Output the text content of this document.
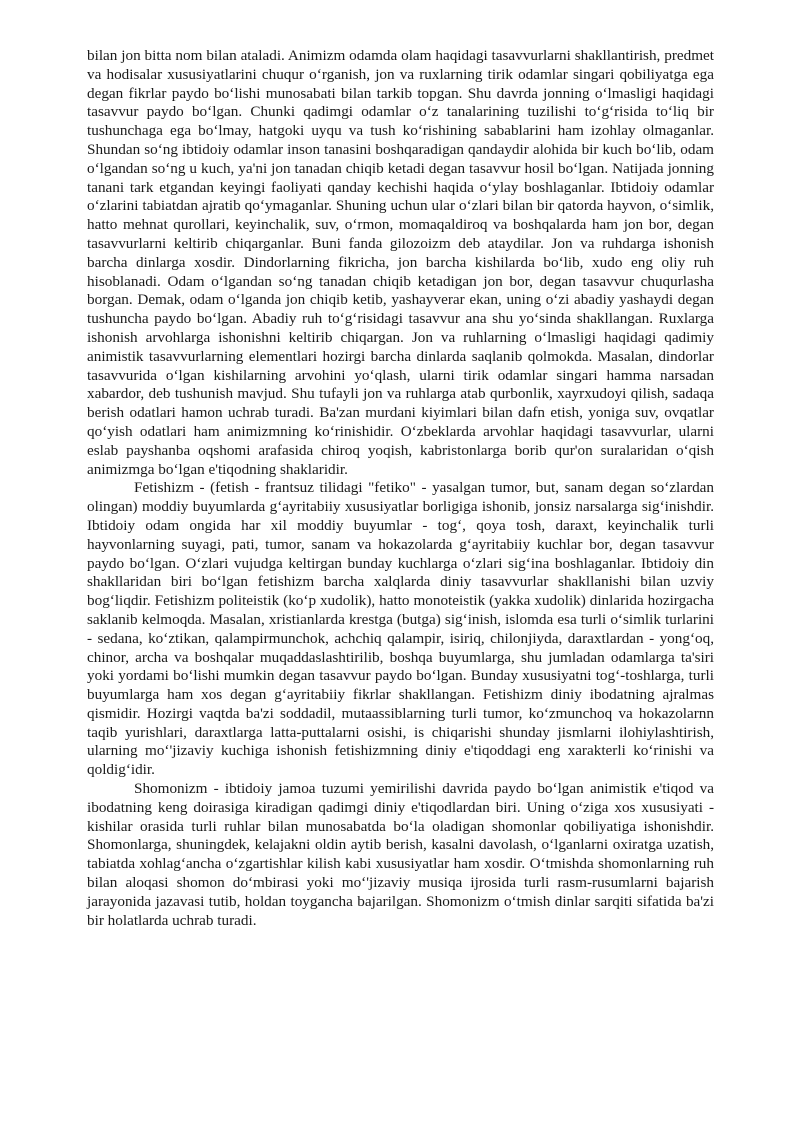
bilan jon bitta nom bilan ataladi. Animizm odamda olam haqidagi tasavvurlarni shakllantirish, predmet va hodisalar xususiyatlarini chuqur o‘rganish, jon va ruxlarning tirik odamlar singari qobiliyatga ega degan fikrlar paydo bo‘lishi munosabati bilan tarkib topgan. Shu davrda jonning o‘lmasligi haqidagi tasavvur paydo bo‘lgan. Chunki qadimgi odamlar o‘z tanalarining tuzilishi to‘g‘risida to‘liq bir tushunchaga ega bo‘lmay, hatgoki uyqu va tush ko‘rishining sabablarini ham izohlay olmaganlar. Shundan so‘ng ibtidoiy odamlar inson tanasini boshqaradigan qandaydir alohida bir kuch bo‘lib, odam o‘lgandan so‘ng u kuch, ya'ni jon tanadan chiqib ketadi degan tasavvur hosil bo‘lgan. Natijada jonning tanani tark etgandan keyingi faoliyati qanday kechishi haqida o‘ylay boshlaganlar. Ibtidoiy odamlar o‘zlarini tabiatdan ajratib qo‘ymaganlar. Shuning uchun ular o‘zlari bilan bir qatorda hayvon, o‘simlik, hatto mehnat qurollari, keyinchalik, suv, o‘rmon, momaqaldiroq va boshqalarda ham jon bor, degan tasavvurlarni keltirib chiqarganlar. Buni fanda gilozoizm deb ataydilar. Jon va ruhdarga ishonish barcha dinlarga xosdir. Dindorlarning fikricha, jon barcha kishilarda bo‘lib, xudo eng oliy ruh hisoblanadi. Odam o‘lgandan so‘ng tanadan chiqib ketadigan jon bor, degan tasavvur chuqurlasha borgan. Demak, odam o‘lganda jon chiqib ketib, yashayverar ekan, uning o‘zi abadiy yashaydi degan tushuncha paydo bo‘lgan. Abadiy ruh to‘g‘risidagi tasavvur ana shu yo‘sinda shakllangan. Ruxlarga ishonish arvohlarga ishonishni keltirib chiqargan. Jon va ruhlarning o‘lmasligi haqidagi qadimiy animistik tasavvurlarning elementlari hozirgi barcha dinlarda saqlanib qolmokda. Masalan, dindorlar tasavvurida o‘lgan kishilarning arvohini yo‘qlash, ularni tirik odamlar singari hamma narsadan xabardor, deb tushunish mavjud. Shu tufayli jon va ruhlarga atab qurbonlik, xayrxudoyi qilish, sadaqa berish odatlari hamon uchrab turadi. Ba'zan murdani kiyimlari bilan dafn etish, yoniga suv, ovqatlar qo‘yish odatlari ham animizmning ko‘rinishidir. O‘zbeklarda arvohlar haqidagi tasavvurlar, ularni eslab payshanba oqshomi arafasida chiroq yoqish, kabristonlarga borib qur'on suralaridan o‘qish animizmga bo‘lgan e'tiqodning shaklaridir.

Fetishizm - (fetish - frantsuz tilidagi "fetiko" - yasalgan tumor, but, sanam degan so‘zlardan olingan) moddiy buyumlarda g‘ayritabiiy xususiyatlar borligiga ishonib, jonsiz narsalarga sig‘inishdir. Ibtidoiy odam ongida har xil moddiy buyumlar - tog‘, qoya tosh, daraxt, keyinchalik turli hayvonlarning suyagi, pati, tumor, sanam va hokazolarda g‘ayritabiiy kuchlar bor, degan tasavvur paydo bo‘lgan. O‘zlari vujudga keltirgan bunday kuchlarga o‘zlari sig‘ina boshlaganlar. Ibtidoiy din shakllaridan biri bo‘lgan fetishizm barcha xalqlarda diniy tasavvurlar shakllanishi bilan uzviy bog‘liqdir. Fetishizm politeistik (ko‘p xudolik), hatto monoteistik (yakka xudolik) dinlarida hozirgacha saklanib kelmoqda. Masalan, xristianlarda krestga (butga) sig‘inish, islomda esa turli o‘simlik turlarini - sedana, ko‘ztikan, qalampirmunchok, achchiq qalampir, isiriq, chilonjiyda, daraxtlardan - yong‘oq, chinor, archa va boshqalar muqaddaslashtirilib, boshqa buyumlarga, shu jumladan odamlarga ta'siri yoki yordami bo‘lishi mumkin degan tasavvur paydo bo‘lgan. Bunday xususiyatni tog‘-toshlarga, turli buyumlarga ham xos degan g‘ayritabiiy fikrlar shakllangan. Fetishizm diniy ibodatning ajralmas qismidir. Hozirgi vaqtda ba'zi soddadil, mutaassiblarning turli tumor, ko‘zmunchoq va hokazolarnn taqib yurishlari, daraxtlarga latta-puttalarni osishi, is chiqarishi shunday jismlarni ilohiylashtirish, ularning mo‘'jizaviy kuchiga ishonish fetishizmning diniy e'tiqoddagi eng xarakterli ko‘rinishi va qoldig‘idir.

Shomonizm - ibtidoiy jamoa tuzumi yemirilishi davrida paydo bo‘lgan animistik e'tiqod va ibodatning keng doirasiga kiradigan qadimgi diniy e'tiqodlardan biri. Uning o‘ziga xos xususiyati - kishilar orasida turli ruhlar bilan munosabatda bo‘la oladigan shomonlar qobiliyatiga ishonishdir. Shomonlarga, shuningdek, kelajakni oldin aytib berish, kasalni davolash, o‘lganlarni oxiratga uzatish, tabiatda xohlag‘ancha o‘zgartishlar kilish kabi xususiyatlar ham xosdir. O‘tmishda shomonlarning ruh bilan aloqasi shomon do‘mbirasi yoki mo‘'jizaviy musiqa ijrosida turli rasm-rusumlarni bajarish jarayonida jazavasi tutib, holdan toygancha bajarilgan. Shomonizm o‘tmish dinlar sarqiti sifatida ba'zi bir holatlarda uchrab turadi.
